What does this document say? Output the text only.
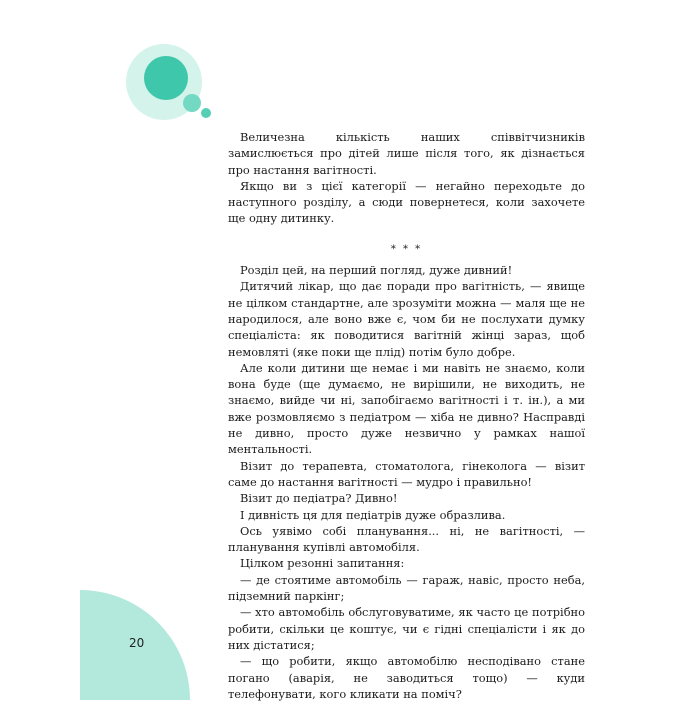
20

Величезна кількість наших співвітчизників замислюється про дітей лише після того, як дізнається про настання вагітності.

Якщо ви з цієї категорії — негайно переходьте до наступного розділу, а сюди повернетеся, коли захочете ще одну дитинку.

* * *

Розділ цей, на перший погляд, дуже дивний!

Дитячий лікар, що дає поради про вагітність, — явище не цілком стандартне, але зрозуміти можна — маля ще не народилося, але воно вже є, чом би не послухати думку спеціаліста: як поводитися вагітній жінці зараз, щоб немовляті (яке поки ще плід) потім було добре.

Але коли дитини ще немає і ми навіть не знаємо, коли вона буде (ще думаємо, не вирішили, не виходить, не знаємо, вийде чи ні, запобігаємо вагітності і т. ін.), а ми вже розмовляємо з педіатром — хіба не дивно? Насправді не дивно, просто дуже незвично у рамках нашої ментальності.

Візит до терапевта, стоматолога, гінеколога — візит саме до настання вагітності — мудро і правильно!

Візит до педіатра? Дивно!

І дивність ця для педіатрів дуже образлива.

Ось уявімо собі планування... ні, не вагітності, — планування купівлі автомобіля.

Цілком резонні запитання:

— де стоятиме автомобіль — гараж, навіс, просто неба, підземний паркінг;

— хто автомобіль обслуговуватиме, як часто це потрібно робити, скільки це коштує, чи є гідні спеціалісти і як до них дістатися;

— що робити, якщо автомобілю несподівано стане погано (аварія, не заводиться тощо) — куди телефонувати, кого кликати на поміч?
